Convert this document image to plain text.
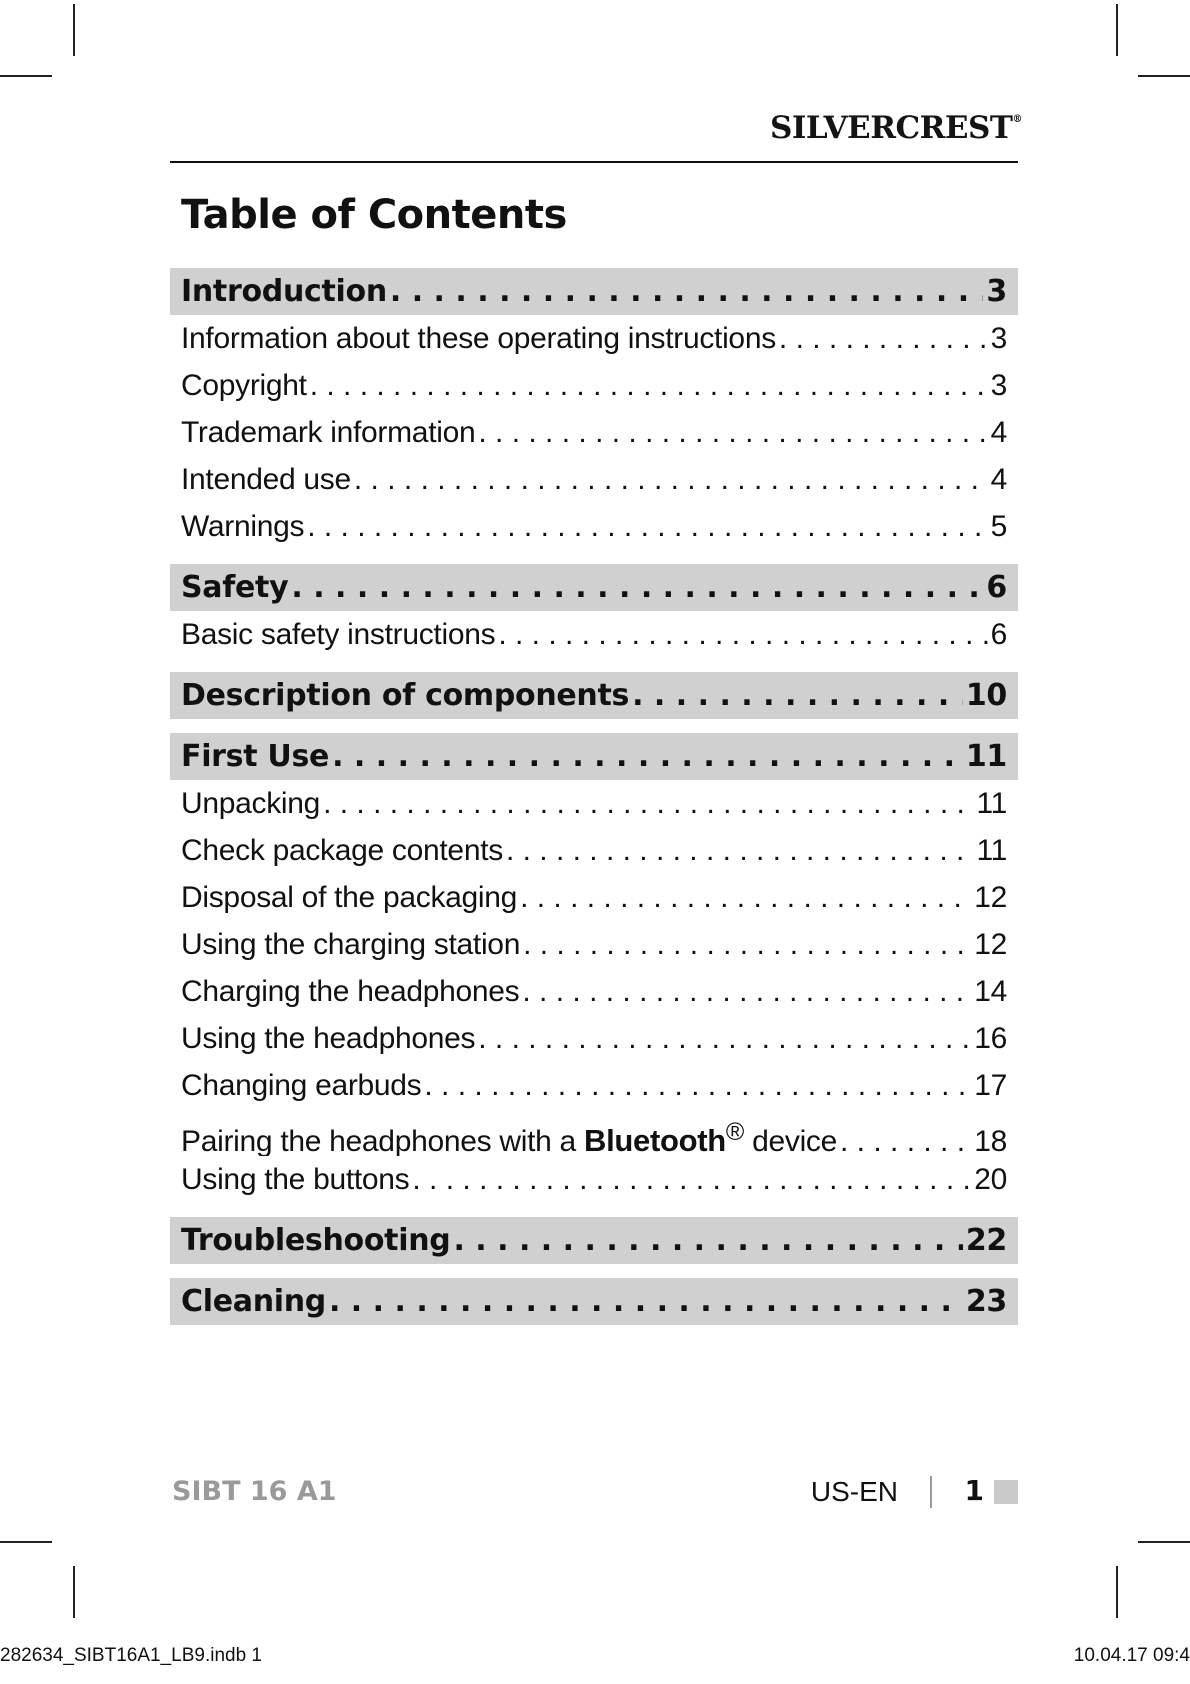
SILVERCREST®
Table of Contents
Introduction . . .	3
Information about these operating instructions . . .	3
Copyright . . .	3
Trademark information . . .	4
Intended use . . .	4
Warnings . . .	5
Safety . . .	6
Basic safety instructions . . .	6
Description of components . . .	10
First Use . . .	11
Unpacking . . .	11
Check package contents . . .	11
Disposal of the packaging . . .	12
Using the charging station . . .	12
Charging the headphones . . .	14
Using the headphones . . .	16
Changing earbuds . . .	17
Pairing the headphones with a Bluetooth® device . . .	18
Using the buttons . . .	20
Troubleshooting . . .	22
Cleaning . . .	23
SIBT 16 A1	US-EN 1
282634_SIBT16A1_LB9.indb 1	10.04.17 09:4
